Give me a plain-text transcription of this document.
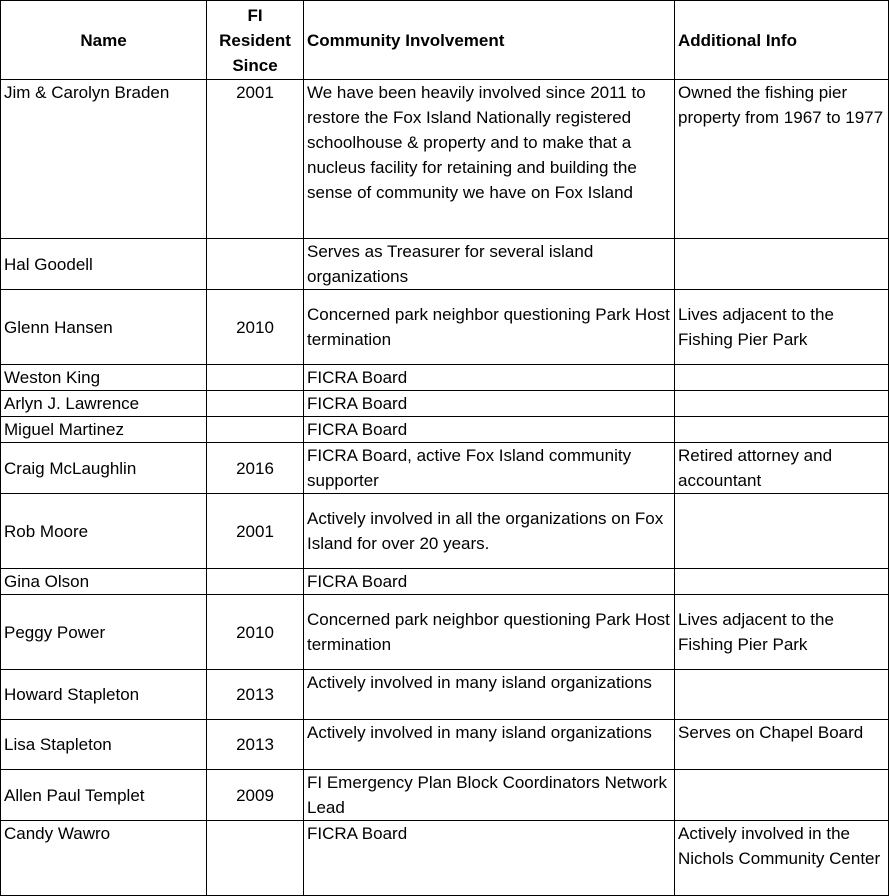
Name	FI Resident Since	Community Involvement	Additional Info
Jim & Carolyn Braden	2001	We have been heavily involved since 2011 to restore the Fox Island Nationally registered schoolhouse & property and to make that a nucleus facility for retaining and building the sense of community we have on Fox Island	Owned the fishing pier property from 1967 to 1977
Hal Goodell		Serves as Treasurer for several island organizations	
Glenn Hansen	2010	Concerned park neighbor questioning Park Host termination	Lives adjacent to the Fishing Pier Park
Weston King		FICRA Board	
Arlyn J. Lawrence		FICRA Board	
Miguel Martinez		FICRA Board	
Craig McLaughlin	2016	FICRA Board, active Fox Island community supporter	Retired attorney and accountant
Rob Moore	2001	Actively involved in all the organizations on Fox Island for over 20 years.	
Gina Olson		FICRA Board	
Peggy Power	2010	Concerned park neighbor questioning Park Host termination	Lives adjacent to the Fishing Pier Park
Howard Stapleton	2013	Actively involved in many island organizations	
Lisa Stapleton	2013	Actively involved in many island organizations	Serves on Chapel Board
Allen Paul Templet	2009	FI Emergency Plan Block Coordinators Network Lead	
Candy Wawro		FICRA Board	Actively involved in the Nichols Community Center
